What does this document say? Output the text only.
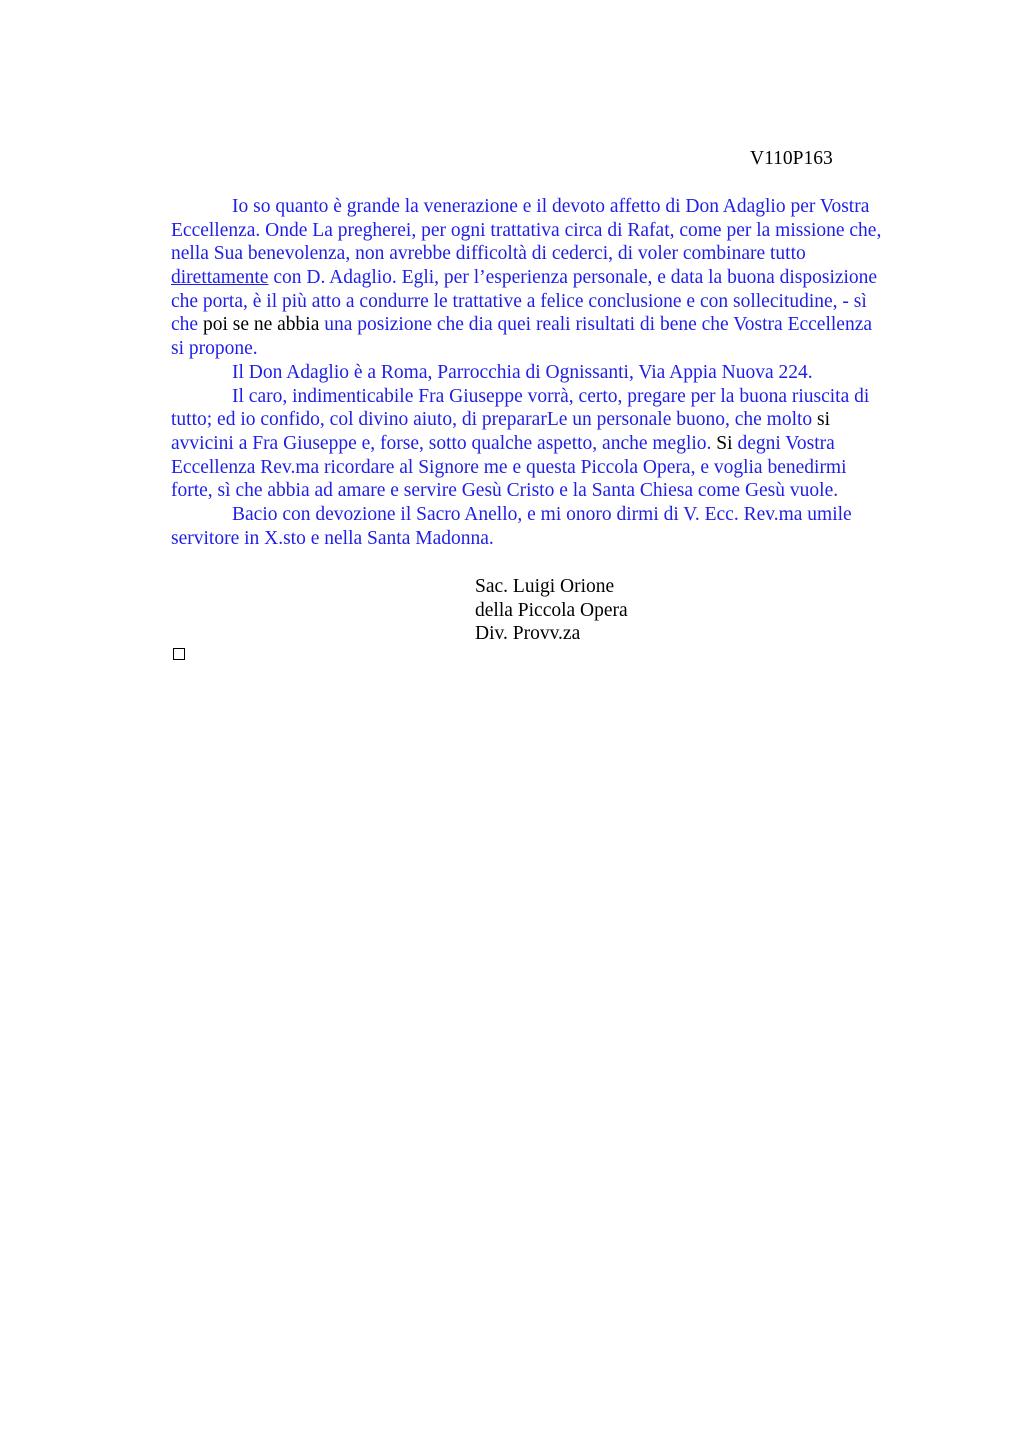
V110P163
Io so quanto è grande la venerazione e il devoto affetto di Don Adaglio per Vostra
Eccellenza. Onde La pregherei, per ogni trattativa circa di Rafat, come per la missione che,
nella Sua benevolenza, non avrebbe difficoltà di cederci, di voler combinare tutto
direttamente con D. Adaglio. Egli, per l’esperienza personale, e data la buona disposizione
che porta, è il più atto a condurre le trattative a felice conclusione e con sollecitudine, - sì
che poi se ne abbia una posizione che dia quei reali risultati di bene che Vostra Eccellenza
si propone.
Il Don Adaglio è a Roma, Parrocchia di Ognissanti, Via Appia Nuova 224.
Il caro, indimenticabile Fra Giuseppe vorrà, certo, pregare per la buona riuscita di
tutto; ed io confido, col divino aiuto, di prepararLe un personale buono, che molto si
avvicini a Fra Giuseppe e, forse, sotto qualche aspetto, anche meglio. Si degni Vostra
Eccellenza Rev.ma ricordare al Signore me e questa Piccola Opera, e voglia benedirmi
forte, sì che abbia ad amare e servire Gesù Cristo e la Santa Chiesa come Gesù vuole.
Bacio con devozione il Sacro Anello, e mi onoro dirmi di V. Ecc. Rev.ma umile
servitore in X.sto e nella Santa Madonna.
Sac. Luigi Orione
della Piccola Opera
Div. Provv.za
